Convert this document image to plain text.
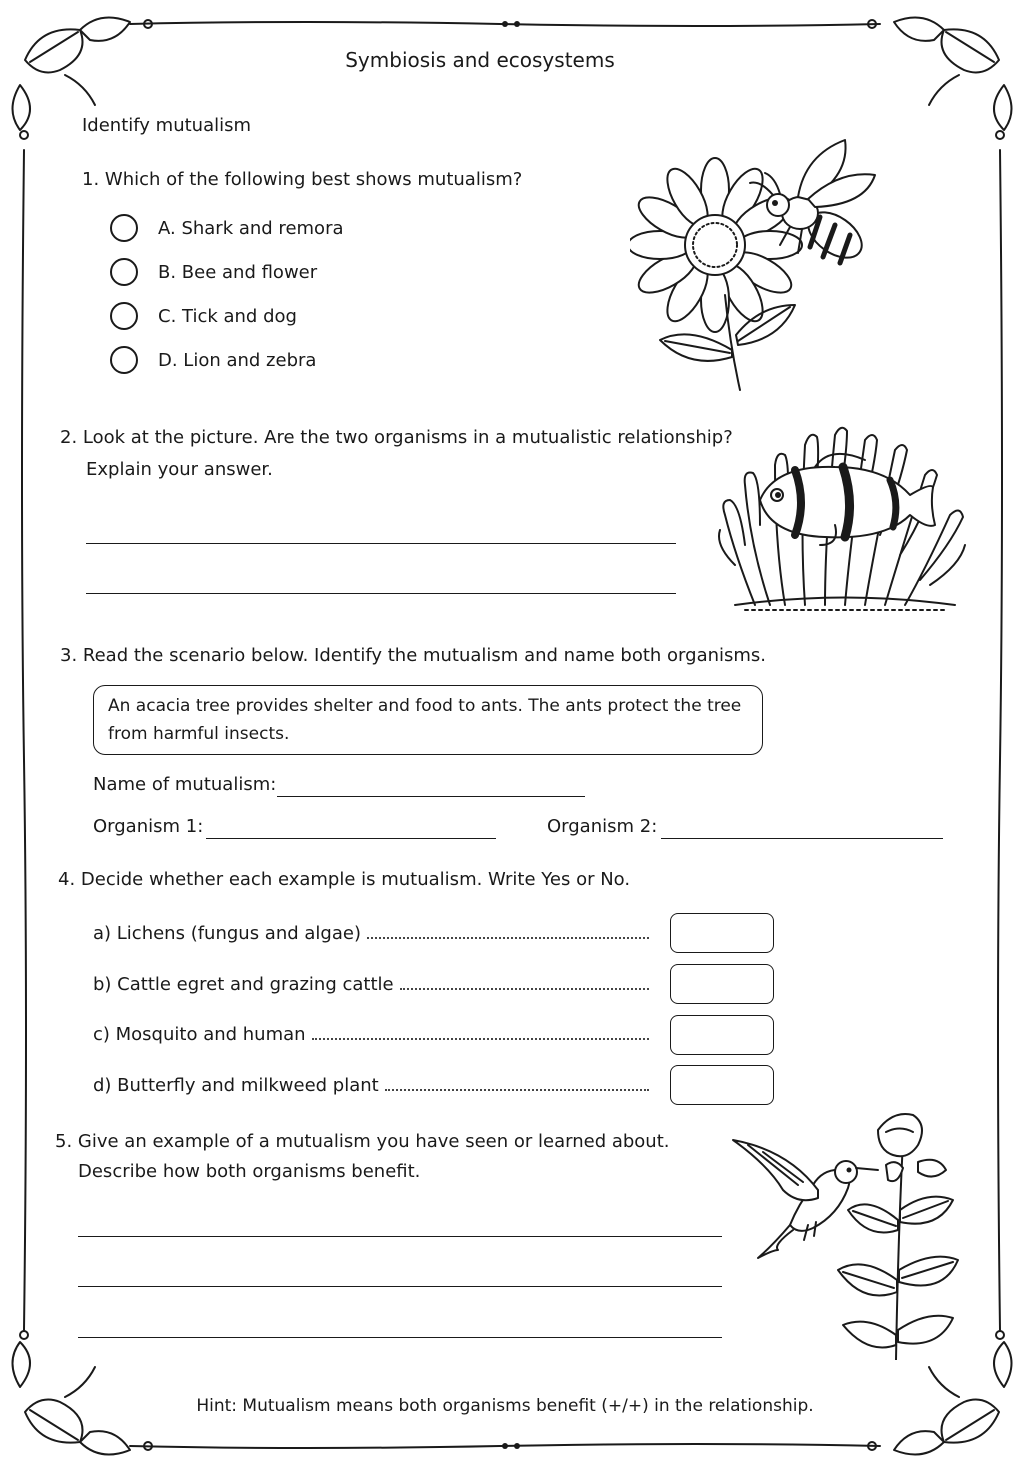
Symbiosis and ecosystems
Identify mutualism
1. Which of the following best shows mutualism?
A. Shark and remora
B. Bee and flower
C. Tick and dog
D. Lion and zebra
2. Look at the picture. Are the two organisms in a mutualistic relationship?
Explain your answer.
3. Read the scenario below. Identify the mutualism and name both organisms.
An acacia tree provides shelter and food to ants. The ants protect the tree
from harmful insects.
Name of mutualism:
Organism 1:	Organism 2:
4. Decide whether each example is mutualism. Write Yes or No.
a) Lichens (fungus and algae)
b) Cattle egret and grazing cattle
c) Mosquito and human
d) Butterfly and milkweed plant
5. Give an example of a mutualism you have seen or learned about.
Describe how both organisms benefit.
Hint: Mutualism means both organisms benefit (+/+) in the relationship.
